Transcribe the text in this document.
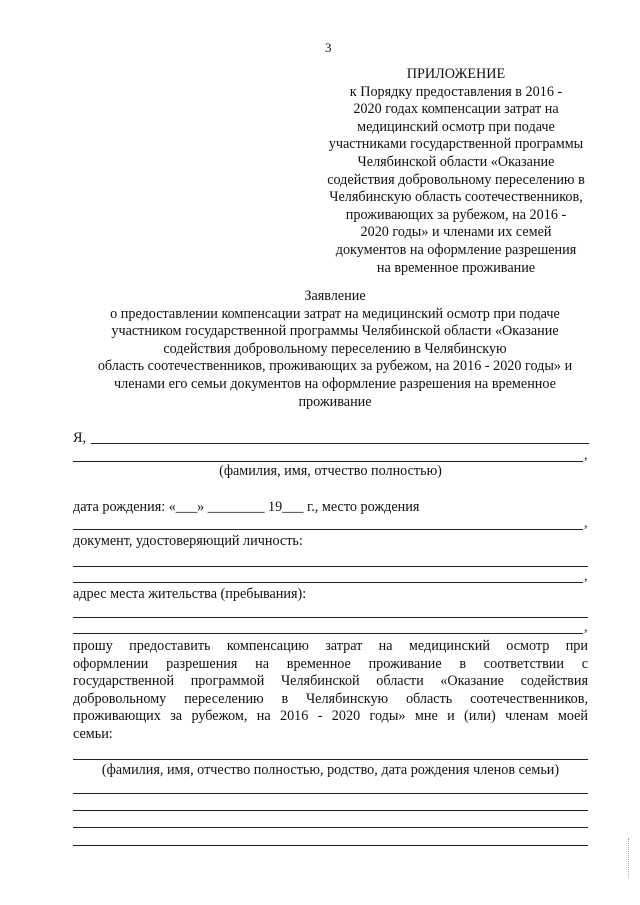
3
ПРИЛОЖЕНИЕ
к Порядку предоставления в 2016 -
2020 годах компенсации затрат на
медицинский осмотр при подаче
участниками государственной программы
Челябинской области «Оказание
содействия добровольному переселению в
Челябинскую область соотечественников,
проживающих за рубежом, на 2016 -
2020 годы» и членами их семей
документов на оформление разрешения
на временное проживание
Заявление
о предоставлении компенсации затрат на медицинский осмотр при подаче
участником государственной программы Челябинской области «Оказание
содействия добровольному переселению в Челябинскую
область соотечественников, проживающих за рубежом, на 2016 - 2020 годы» и
членами его семьи документов на оформление разрешения на временное
проживание
Я,
,
(фамилия, имя, отчество полностью)
дата рождения: «___» ________ 19___ г., место рождения
,
документ, удостоверяющий личность:
,
адрес места жительства (пребывания):
,
прошу предоставить компенсацию затрат на медицинский осмотр при
оформлении разрешения на временное проживание в соответствии с
государственной программой Челябинской области «Оказание содействия
добровольному переселению в Челябинскую область соотечественников,
проживающих за рубежом, на 2016 - 2020 годы» мне и (или) членам моей
семьи:
(фамилия, имя, отчество полностью, родство, дата рождения членов семьи)
